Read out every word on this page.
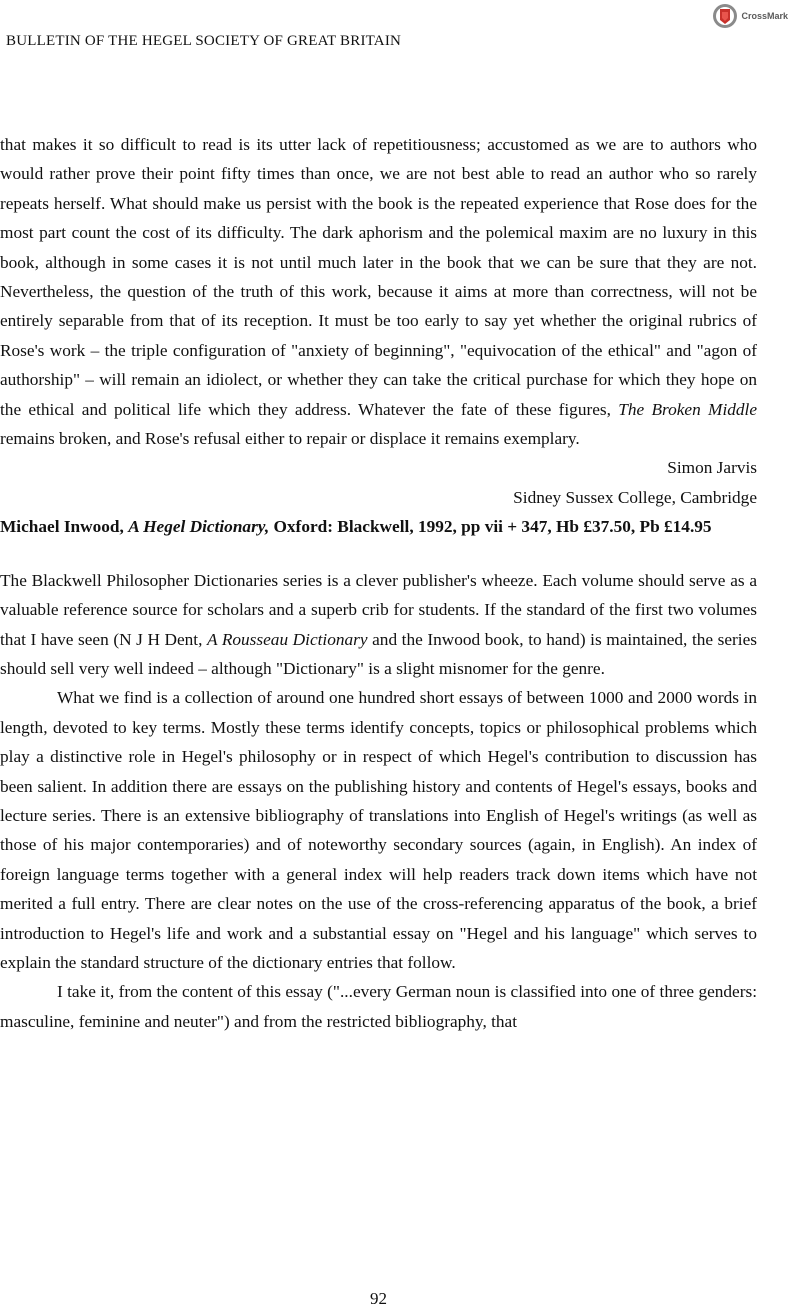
CrossMark
BULLETIN OF THE HEGEL SOCIETY OF GREAT BRITAIN

that makes it so difficult to read is its utter lack of repetitiousness; accustomed as we are to authors who would rather prove their point fifty times than once, we are not best able to read an author who so rarely repeats herself. What should make us persist with the book is the repeated experience that Rose does for the most part count the cost of its difficulty. The dark aphorism and the polemical maxim are no luxury in this book, although in some cases it is not until much later in the book that we can be sure that they are not. Nevertheless, the question of the truth of this work, because it aims at more than correctness, will not be entirely separable from that of its reception. It must be too early to say yet whether the original rubrics of Rose's work – the triple configuration of "anxiety of beginning", "equivocation of the ethical" and "agon of authorship" – will remain an idiolect, or whether they can take the critical purchase for which they hope on the ethical and political life which they address. Whatever the fate of these figures, The Broken Middle remains broken, and Rose's refusal either to repair or displace it remains exemplary.

Simon Jarvis
Sidney Sussex College, Cambridge

Michael Inwood, A Hegel Dictionary, Oxford: Blackwell, 1992, pp vii + 347, Hb £37.50, Pb £14.95

The Blackwell Philosopher Dictionaries series is a clever publisher's wheeze. Each volume should serve as a valuable reference source for scholars and a superb crib for students. If the standard of the first two volumes that I have seen (N J H Dent, A Rousseau Dictionary and the Inwood book, to hand) is maintained, the series should sell very well indeed – although "Dictionary" is a slight misnomer for the genre.

What we find is a collection of around one hundred short essays of between 1000 and 2000 words in length, devoted to key terms. Mostly these terms identify concepts, topics or philosophical problems which play a distinctive role in Hegel's philosophy or in respect of which Hegel's contribution to discussion has been salient. In addition there are essays on the publishing history and contents of Hegel's essays, books and lecture series. There is an extensive bibliography of translations into English of Hegel's writings (as well as those of his major contemporaries) and of noteworthy secondary sources (again, in English). An index of foreign language terms together with a general index will help readers track down items which have not merited a full entry. There are clear notes on the use of the cross-referencing apparatus of the book, a brief introduction to Hegel's life and work and a substantial essay on "Hegel and his language" which serves to explain the standard structure of the dictionary entries that follow.

I take it, from the content of this essay ("...every German noun is classified into one of three genders: masculine, feminine and neuter") and from the restricted bibliography, that

92
